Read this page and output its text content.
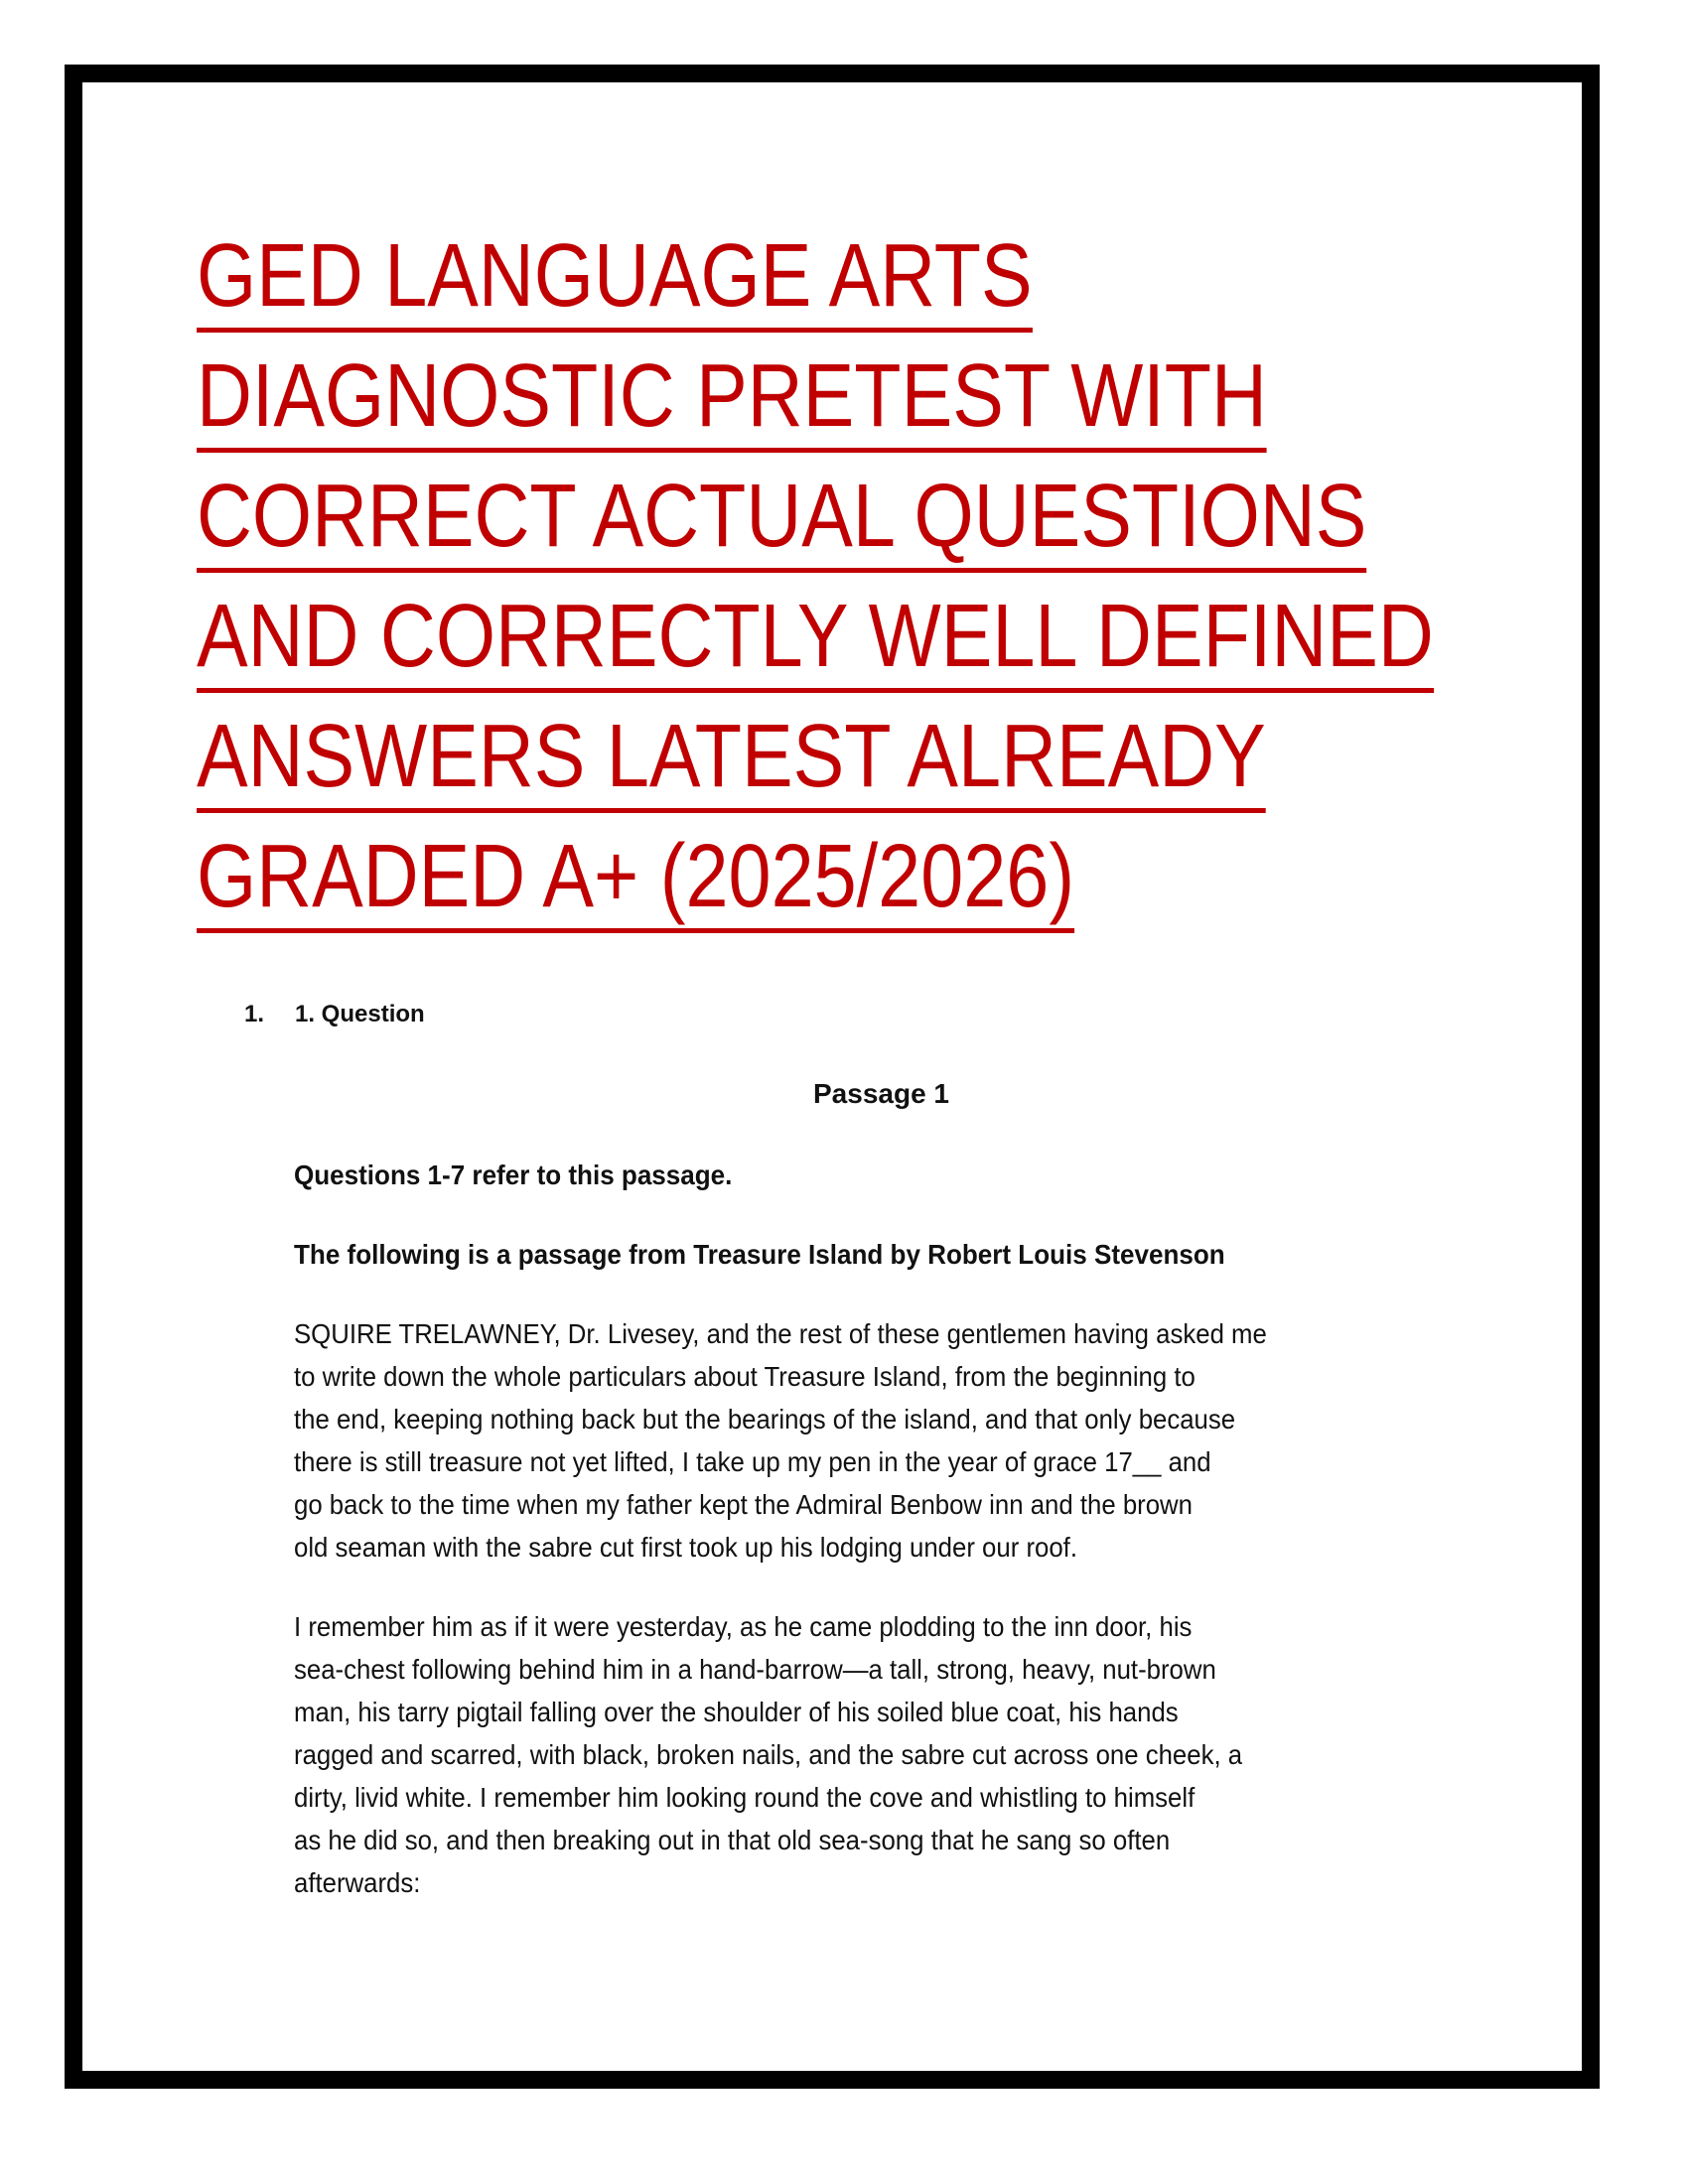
GED LANGUAGE ARTS
DIAGNOSTIC PRETEST WITH
CORRECT ACTUAL QUESTIONS
AND CORRECTLY WELL DEFINED
ANSWERS LATEST ALREADY
GRADED A+ (2025/2026)
1. 1. Question
Passage 1
Questions 1-7 refer to this passage.
The following is a passage from Treasure Island by Robert Louis Stevenson
SQUIRE TRELAWNEY, Dr. Livesey, and the rest of these gentlemen having asked me
to write down the whole particulars about Treasure Island, from the beginning to
the end, keeping nothing back but the bearings of the island, and that only because
there is still treasure not yet lifted, I take up my pen in the year of grace 17__ and
go back to the time when my father kept the Admiral Benbow inn and the brown
old seaman with the sabre cut first took up his lodging under our roof.
I remember him as if it were yesterday, as he came plodding to the inn door, his
sea-chest following behind him in a hand-barrow—a tall, strong, heavy, nut-brown
man, his tarry pigtail falling over the shoulder of his soiled blue coat, his hands
ragged and scarred, with black, broken nails, and the sabre cut across one cheek, a
dirty, livid white. I remember him looking round the cove and whistling to himself
as he did so, and then breaking out in that old sea-song that he sang so often
afterwards:
